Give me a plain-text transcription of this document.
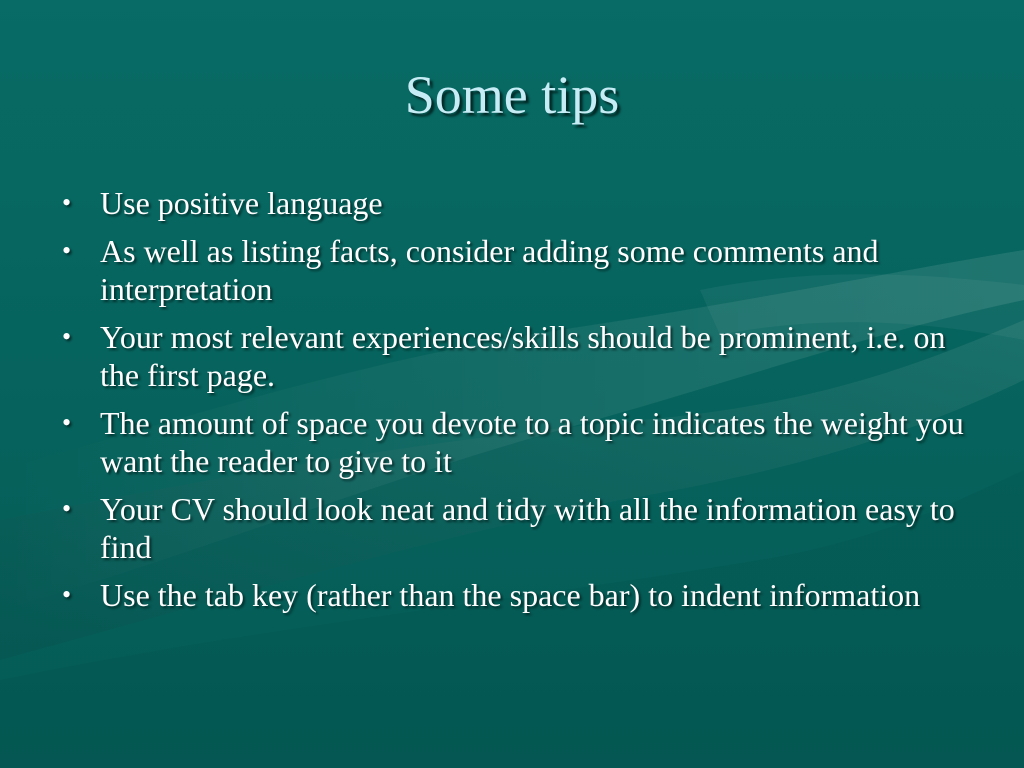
Some tips
• Use positive language
• As well as listing facts, consider adding some comments and interpretation
• Your most relevant experiences/skills should be prominent, i.e. on the first page.
• The amount of space you devote to a topic indicates the weight you want the reader to give to it
• Your CV should look neat and tidy with all the information easy to find
• Use the tab key (rather than the space bar) to indent information
